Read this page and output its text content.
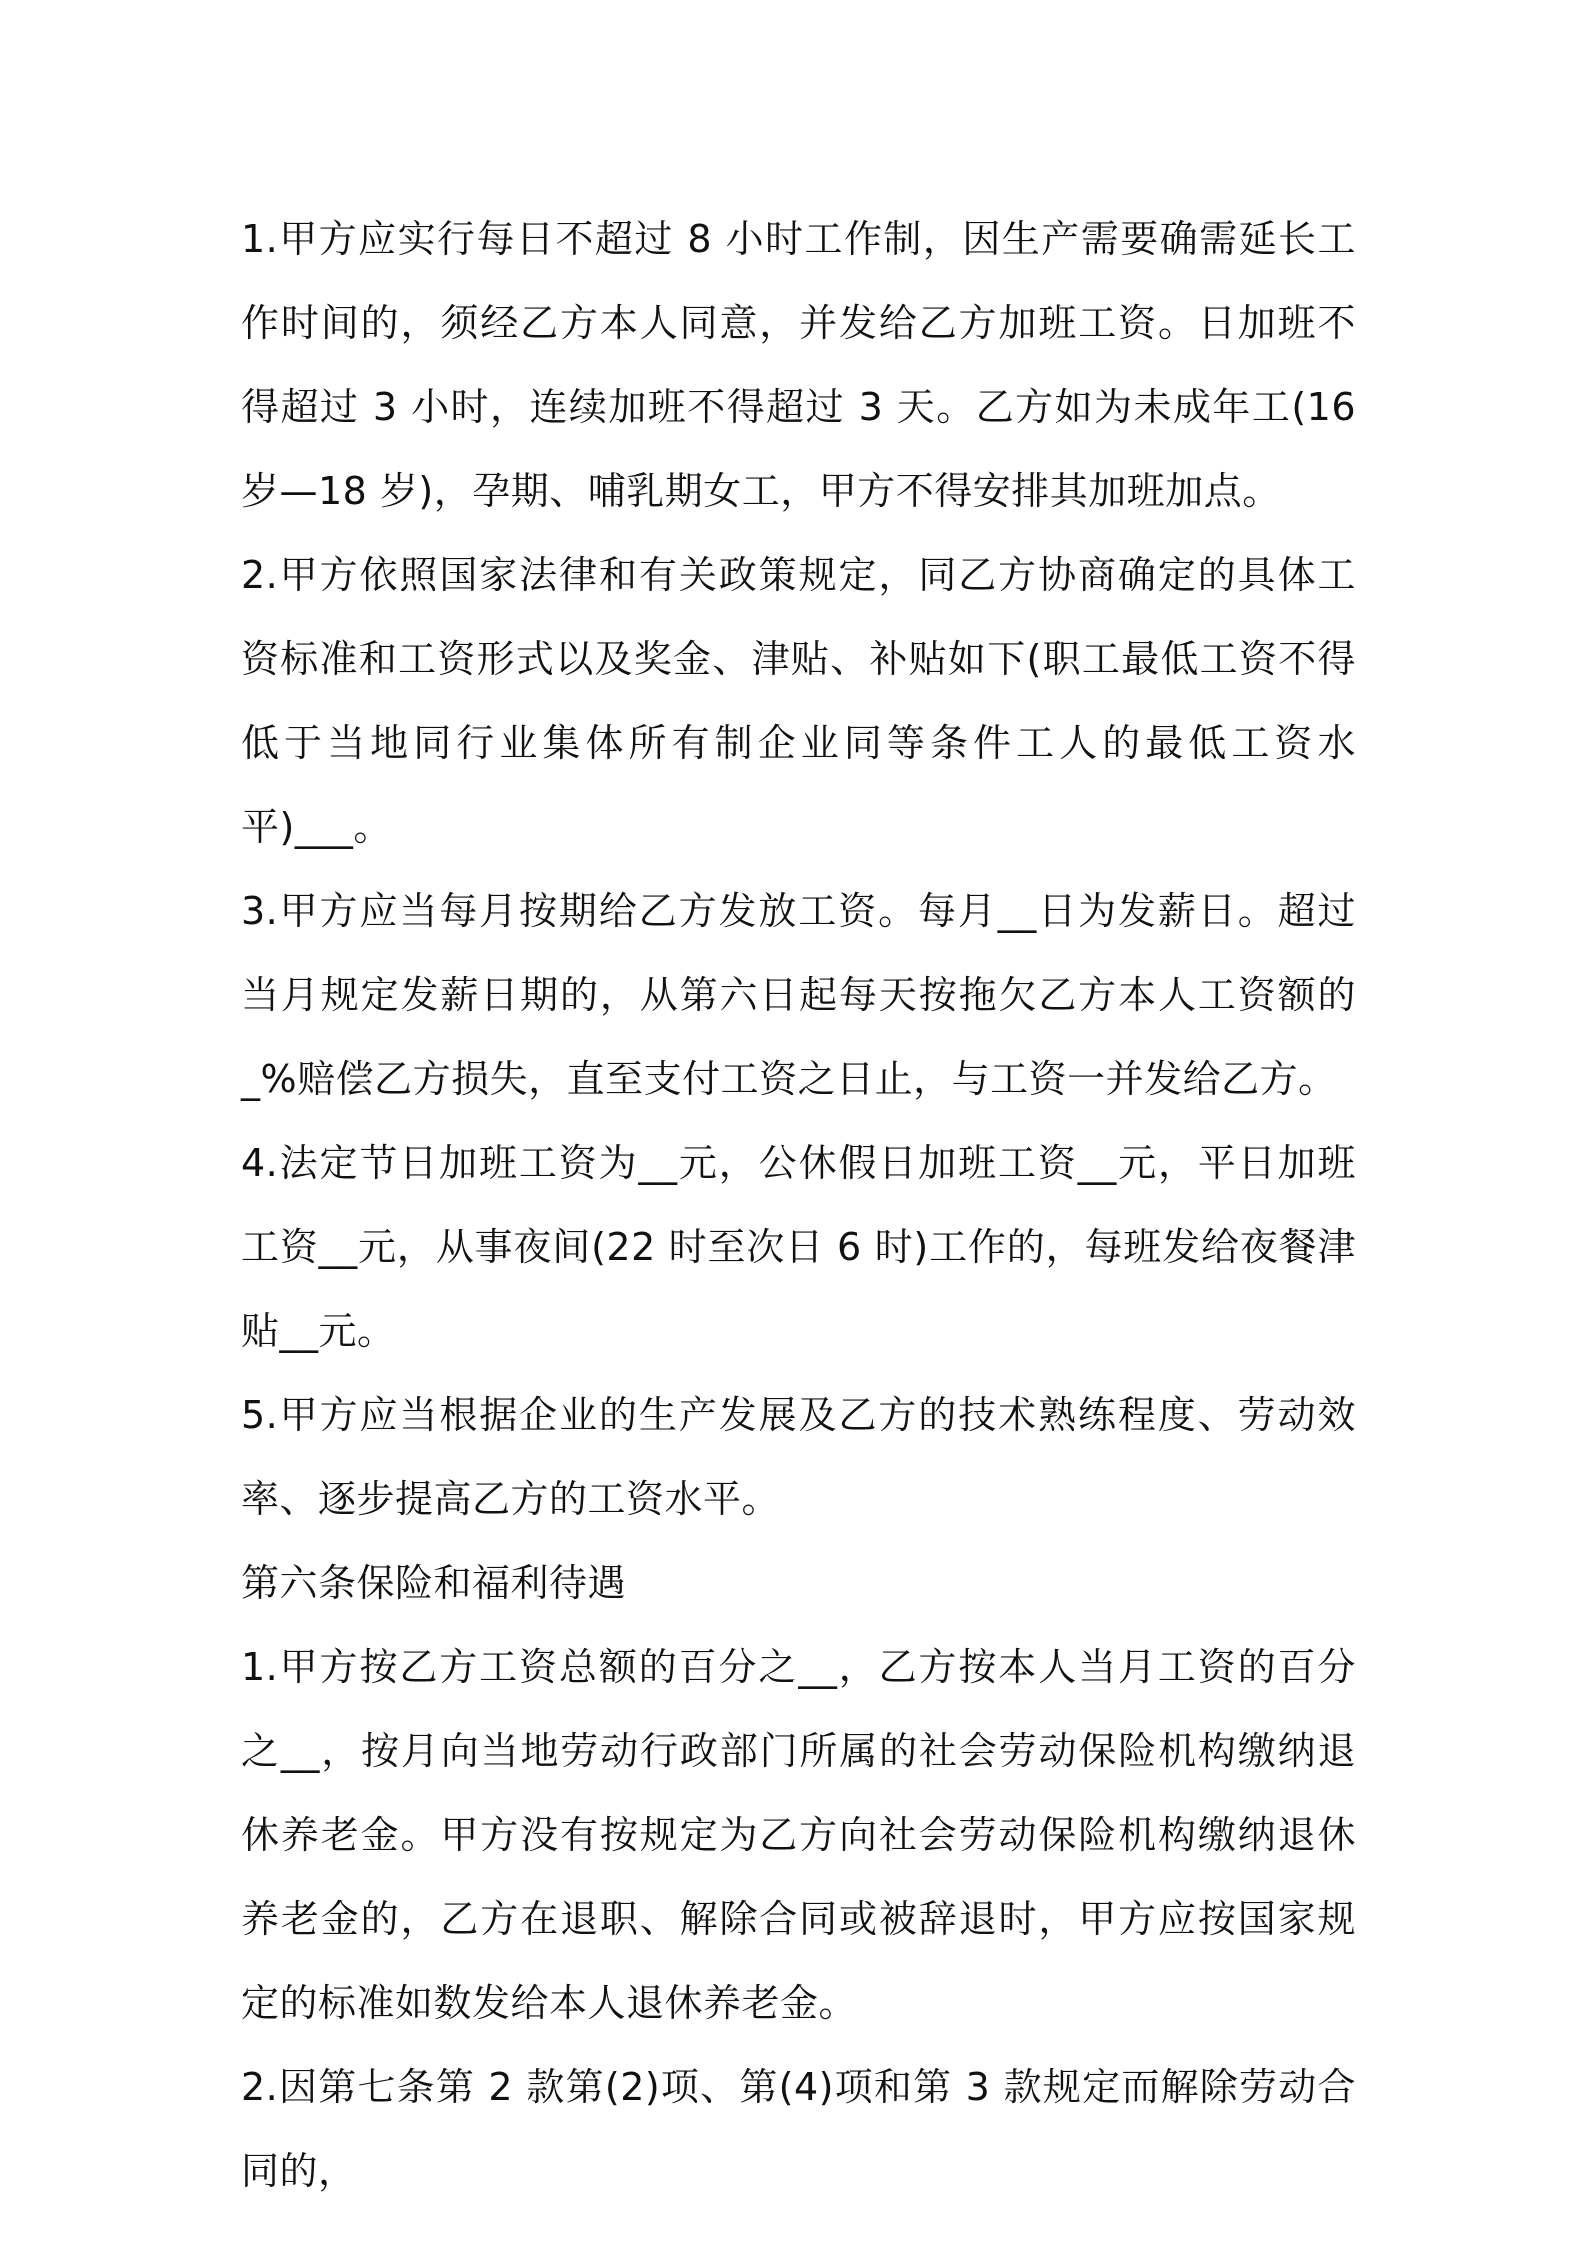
1.甲方应实行每日不超过 8 小时工作制，因生产需要确需延长工作时间的，须经乙方本人同意，并发给乙方加班工资。日加班不得超过 3 小时，连续加班不得超过 3 天。乙方如为未成年工(16 岁—18 岁)，孕期、哺乳期女工，甲方不得安排其加班加点。

2.甲方依照国家法律和有关政策规定，同乙方协商确定的具体工资标准和工资形式以及奖金、津贴、补贴如下(职工最低工资不得低于当地同行业集体所有制企业同等条件工人的最低工资水平)___。

3.甲方应当每月按期给乙方发放工资。每月__日为发薪日。超过当月规定发薪日期的，从第六日起每天按拖欠乙方本人工资额的_%赔偿乙方损失，直至支付工资之日止，与工资一并发给乙方。

4.法定节日加班工资为__元，公休假日加班工资__元，平日加班工资__元，从事夜间(22 时至次日 6 时)工作的，每班发给夜餐津贴__元。

5.甲方应当根据企业的生产发展及乙方的技术熟练程度、劳动效率、逐步提高乙方的工资水平。

第六条保险和福利待遇

1.甲方按乙方工资总额的百分之__，乙方按本人当月工资的百分之__，按月向当地劳动行政部门所属的社会劳动保险机构缴纳退休养老金。甲方没有按规定为乙方向社会劳动保险机构缴纳退休养老金的，乙方在退职、解除合同或被辞退时，甲方应按国家规定的标准如数发给本人退休养老金。

2.因第七条第 2 款第(2)项、第(4)项和第 3 款规定而解除劳动合同的，
